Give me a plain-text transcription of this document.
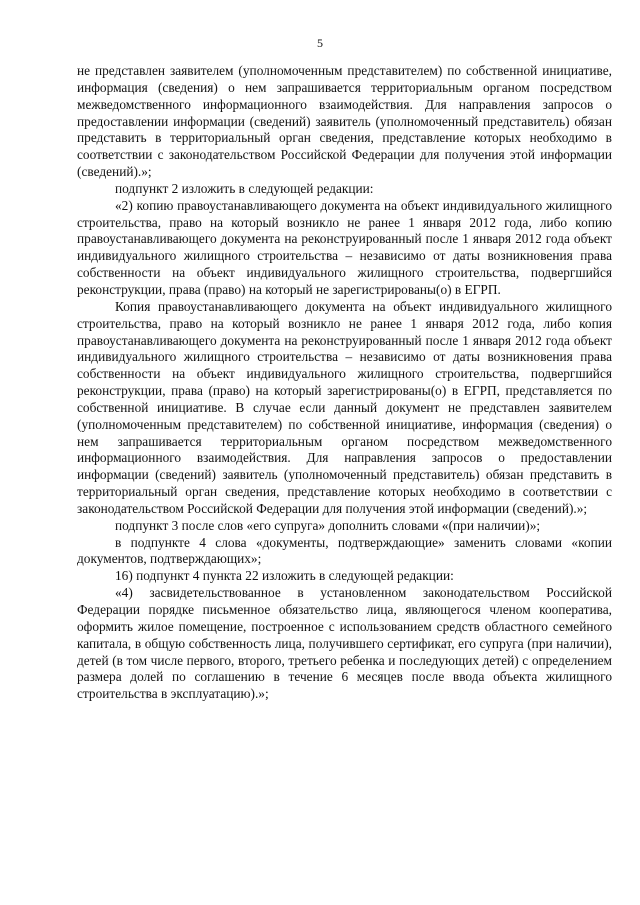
5

не представлен заявителем (уполномоченным представителем) по собственной инициативе, информация (сведения) о нем запрашивается территориальным органом посредством межведомственного информационного взаимодействия. Для направления запросов о предоставлении информации (сведений) заявитель (уполномоченный представитель) обязан представить в территориальный орган сведения, представление которых необходимо в соответствии с законодательством Российской Федерации для получения этой информации (сведений).»;

подпункт 2 изложить в следующей редакции:

«2) копию правоустанавливающего документа на объект индивидуального жилищного строительства, право на который возникло не ранее 1 января 2012 года, либо копию правоустанавливающего документа на реконструированный после 1 января 2012 года объект индивидуального жилищного строительства – независимо от даты возникновения права собственности на объект индивидуального жилищного строительства, подвергшийся реконструкции, права (право) на который не зарегистрированы(о) в ЕГРП.

Копия правоустанавливающего документа на объект индивидуального жилищного строительства, право на который возникло не ранее 1 января 2012 года, либо копия правоустанавливающего документа на реконструированный после 1 января 2012 года объект индивидуального жилищного строительства – независимо от даты возникновения права собственности на объект индивидуального жилищного строительства, подвергшийся реконструкции, права (право) на который зарегистрированы(о) в ЕГРП, представляется по собственной инициативе. В случае если данный документ не представлен заявителем (уполномоченным представителем) по собственной инициативе, информация (сведения) о нем запрашивается территориальным органом посредством межведомственного информационного взаимодействия. Для направления запросов о предоставлении информации (сведений) заявитель (уполномоченный представитель) обязан представить в территориальный орган сведения, представление которых необходимо в соответствии с законодательством Российской Федерации для получения этой информации (сведений).»;

подпункт 3 после слов «его супруга» дополнить словами «(при наличии)»;

в подпункте 4 слова «документы, подтверждающие» заменить словами «копии документов, подтверждающих»;

16) подпункт 4 пункта 22 изложить в следующей редакции:

«4) засвидетельствованное в установленном законодательством Российской Федерации порядке письменное обязательство лица, являющегося членом кооператива, оформить жилое помещение, построенное с использованием средств областного семейного капитала, в общую собственность лица, получившего сертификат, его супруга (при наличии), детей (в том числе первого, второго, третьего ребенка и последующих детей) с определением размера долей по соглашению в течение 6 месяцев после ввода объекта жилищного строительства в эксплуатацию).»;
